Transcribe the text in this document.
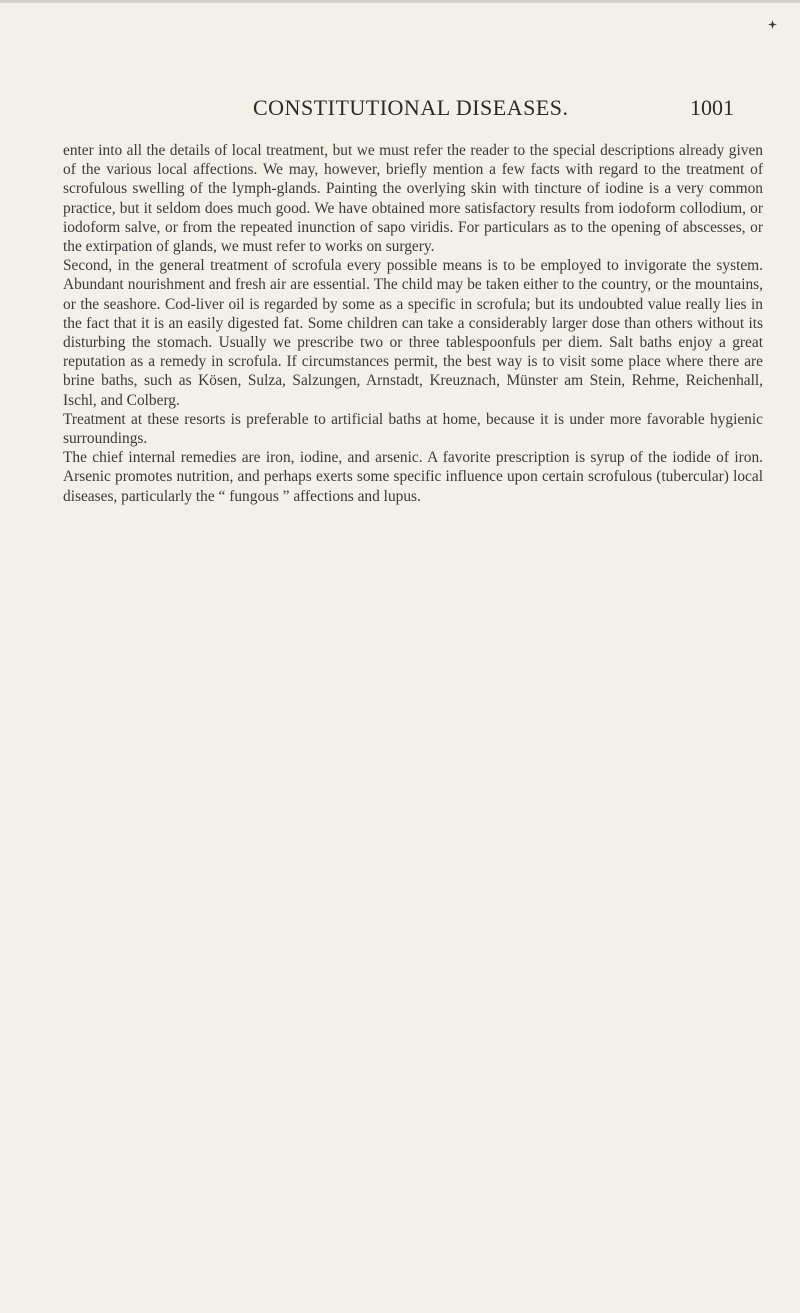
CONSTITUTIONAL DISEASES.	1001

enter into all the details of local treatment, but we must refer the reader to the special descriptions already given of the various local affections. We may, however, briefly mention a few facts with regard to the treatment of scrofulous swelling of the lymph-glands. Painting the overlying skin with tincture of iodine is a very common practice, but it seldom does much good. We have obtained more satisfactory results from iodoform collodium, or iodoform salve, or from the repeated inunction of sapo viridis. For particulars as to the opening of abscesses, or the extirpation of glands, we must refer to works on surgery.

Second, in the general treatment of scrofula every possible means is to be employed to invigorate the system. Abundant nourishment and fresh air are essential. The child may be taken either to the country, or the mountains, or the seashore. Cod-liver oil is regarded by some as a specific in scrofula; but its undoubted value really lies in the fact that it is an easily digested fat. Some children can take a considerably larger dose than others without its disturbing the stomach. Usually we prescribe two or three tablespoonfuls per diem. Salt baths enjoy a great reputation as a remedy in scrofula. If circumstances permit, the best way is to visit some place where there are brine baths, such as Kösen, Sulza, Salzungen, Arnstadt, Kreuznach, Münster am Stein, Rehme, Reichenhall, Ischl, and Colberg.

Treatment at these resorts is preferable to artificial baths at home, because it is under more favorable hygienic surroundings.

The chief internal remedies are iron, iodine, and arsenic. A favorite prescription is syrup of the iodide of iron. Arsenic promotes nutrition, and perhaps exerts some specific influence upon certain scrofulous (tubercular) local diseases, particularly the “ fungous ” affections and lupus.
